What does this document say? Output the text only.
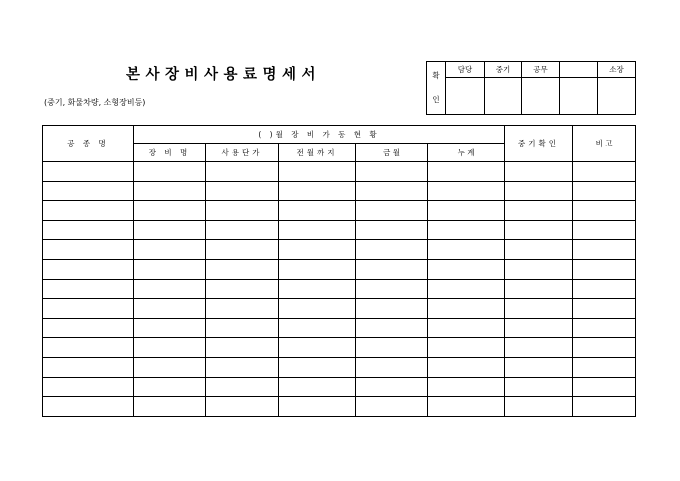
본사장비사용료명세서
(중기, 화물차량, 소형장비등)
확
인	담당	중기	공무		소장

공 종 명	( )월 장 비 가 동 현 황					중기확인	비 고
	장 비 명	사용단가	전월까지	금 월	누 계		
